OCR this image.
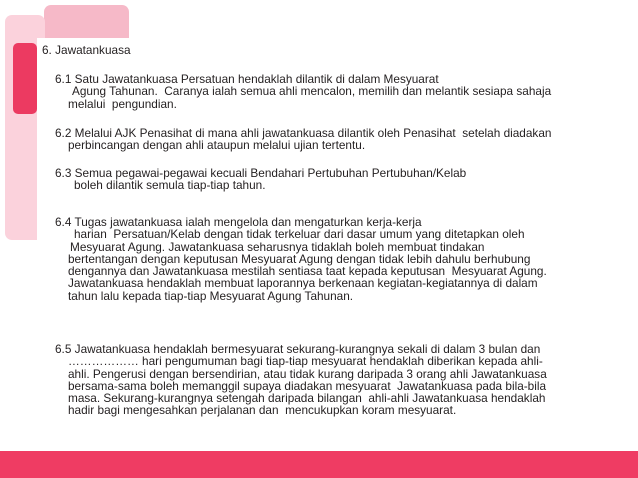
6. Jawatankuasa
6.1 Satu Jawatankuasa Persatuan hendaklah dilantik di dalam Mesyuarat
Agung Tahunan.  Caranya ialah semua ahli mencalon, memilih dan melantik sesiapa sahaja
melalui  pengundian.
6.2 Melalui AJK Penasihat di mana ahli jawatankuasa dilantik oleh Penasihat  setelah diadakan
perbincangan dengan ahli ataupun melalui ujian tertentu.
6.3 Semua pegawai-pegawai kecuali Bendahari Pertubuhan Pertubuhan/Kelab
boleh dilantik semula tiap-tiap tahun.
6.4 Tugas jawatankuasa ialah mengelola dan mengaturkan kerja-kerja
harian  Persatuan/Kelab dengan tidak terkeluar dari dasar umum yang ditetapkan oleh
Mesyuarat Agung. Jawatankuasa seharusnya tidaklah boleh membuat tindakan
bertentangan dengan keputusan Mesyuarat Agung dengan tidak lebih dahulu berhubung
dengannya dan Jawatankuasa mestilah sentiasa taat kepada keputusan  Mesyuarat Agung.
Jawatankuasa hendaklah membuat laporannya berkenaan kegiatan-kegiatannya di dalam
tahun lalu kepada tiap-tiap Mesyuarat Agung Tahunan.
6.5 Jawatankuasa hendaklah bermesyuarat sekurang-kurangnya sekali di dalam 3 bulan dan
……………… hari pengumuman bagi tiap-tiap mesyuarat hendaklah diberikan kepada ahli-
ahli. Pengerusi dengan bersendirian, atau tidak kurang daripada 3 orang ahli Jawatankuasa
bersama-sama boleh memanggil supaya diadakan mesyuarat  Jawatankuasa pada bila-bila
masa. Sekurang-kurangnya setengah daripada bilangan  ahli-ahli Jawatankuasa hendaklah
hadir bagi mengesahkan perjalanan dan  mencukupkan koram mesyuarat.
